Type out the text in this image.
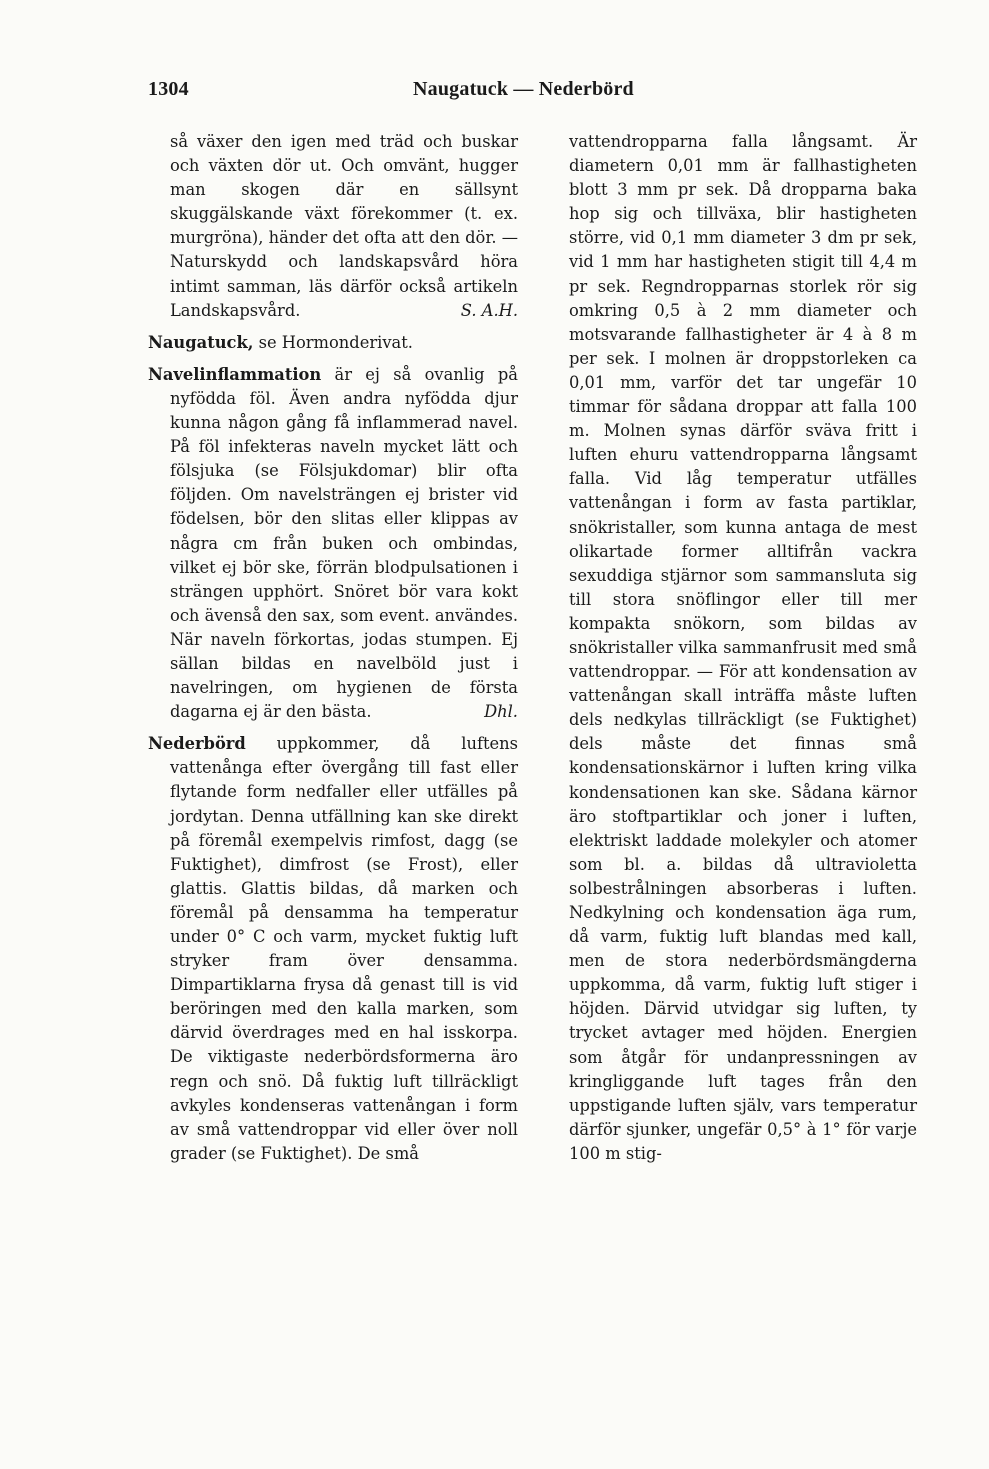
1304	Naugatuck — Nederbörd

så växer den igen med träd och buskar och växten dör ut. Och omvänt, hugger man skogen där en sällsynt skuggälskande växt förekommer (t. ex. murgröna), händer det ofta att den dör. — Naturskydd och landskapsvård höra intimt samman, läs därför också artikeln Landskapsvård.	S. A.H.

Naugatuck, se Hormonderivat.

Navelinflammation är ej så ovanlig på nyfödda föl. Även andra nyfödda djur kunna någon gång få inflammerad navel. På föl infekteras naveln mycket lätt och fölsjuka (se Fölsjukdomar) blir ofta följden. Om navelsträngen ej brister vid födelsen, bör den slitas eller klippas av några cm från buken och ombindas, vilket ej bör ske, förrän blodpulsationen i strängen upphört. Snöret bör vara kokt och ävenså den sax, som event. användes. När naveln förkortas, jodas stumpen. Ej sällan bildas en navelböld just i navelringen, om hygienen de första dagarna ej är den bästa.	Dhl.

Nederbörd uppkommer, då luftens vattenånga efter övergång till fast eller flytande form nedfaller eller utfälles på jordytan. Denna utfällning kan ske direkt på föremål exempelvis rimfost, dagg (se Fuktighet), dimfrost (se Frost), eller glattis. Glattis bildas, då marken och föremål på densamma ha temperatur under 0° C och varm, mycket fuktig luft stryker fram över densamma. Dimpartiklarna frysa då genast till is vid beröringen med den kalla marken, som därvid överdrages med en hal isskorpa. De viktigaste nederbördsformerna äro regn och snö. Då fuktig luft tillräckligt avkyles kondenseras vattenångan i form av små vattendroppar vid eller över noll grader (se Fuktighet). De små

vattendropparna falla långsamt. Är diametern 0,01 mm är fallhastigheten blott 3 mm pr sek. Då dropparna baka hop sig och tillväxa, blir hastigheten större, vid 0,1 mm diameter 3 dm pr sek, vid 1 mm har hastigheten stigit till 4,4 m pr sek. Regndropparnas storlek rör sig omkring 0,5 à 2 mm diameter och motsvarande fallhastigheter är 4 à 8 m per sek. I molnen är droppstorleken ca 0,01 mm, varför det tar ungefär 10 timmar för sådana droppar att falla 100 m. Molnen synas därför sväva fritt i luften ehuru vattendropparna långsamt falla. Vid låg temperatur utfälles vattenångan i form av fasta partiklar, snökristaller, som kunna antaga de mest olikartade former alltifrån vackra sexuddiga stjärnor som sammansluta sig till stora snöflingor eller till mer kompakta snökorn, som bildas av snökristaller vilka sammanfrusit med små vattendroppar. — För att kondensation av vattenångan skall inträffa måste luften dels nedkylas tillräckligt (se Fuktighet) dels måste det finnas små kondensationskärnor i luften kring vilka kondensationen kan ske. Sådana kärnor äro stoftpartiklar och joner i luften, elektriskt laddade molekyler och atomer som bl. a. bildas då ultravioletta solbestrålningen absorberas i luften. Nedkylning och kondensation äga rum, då varm, fuktig luft blandas med kall, men de stora nederbördsmängderna uppkomma, då varm, fuktig luft stiger i höjden. Därvid utvidgar sig luften, ty trycket avtager med höjden. Energien som åtgår för undanpressningen av kringliggande luft tages från den uppstigande luften själv, vars temperatur därför sjunker, ungefär 0,5° à 1° för varje 100 m stig-
